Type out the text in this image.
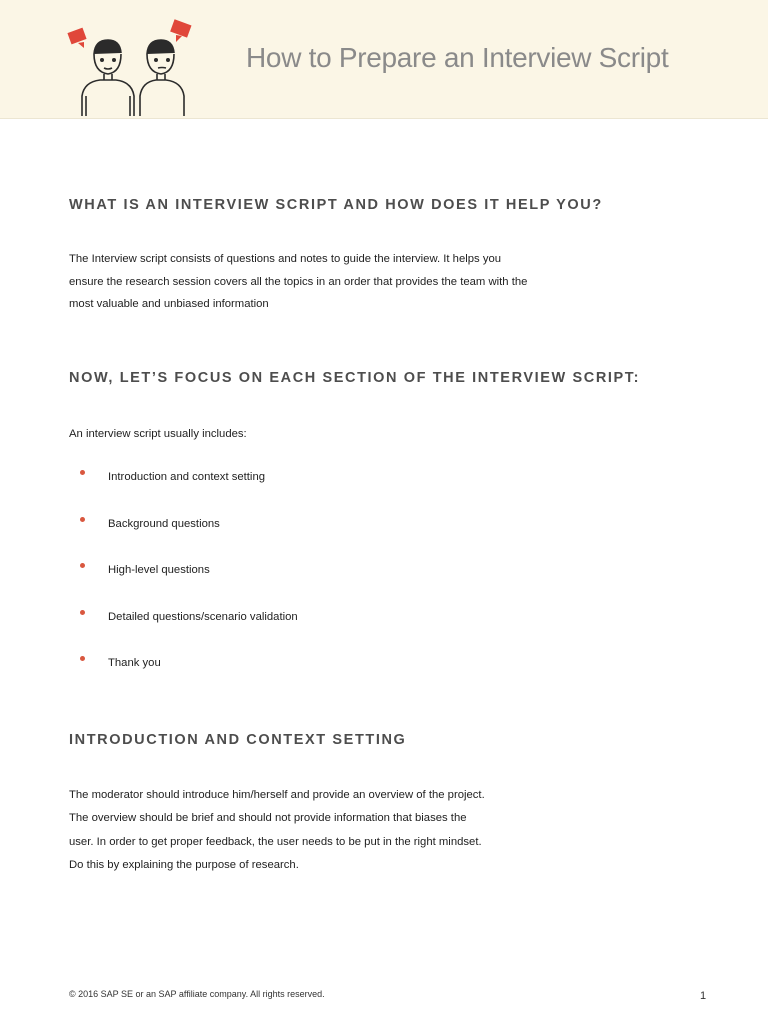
How to Prepare an Interview Script
WHAT IS AN INTERVIEW SCRIPT AND HOW DOES IT HELP YOU?
The Interview script consists of questions and notes to guide the interview. It helps you
ensure the research session covers all the topics in an order that provides the team with the
most valuable and unbiased information
NOW, LET’S FOCUS ON EACH SECTION OF THE INTERVIEW SCRIPT:
An interview script usually includes:
Introduction and context setting
Background questions
High-level questions
Detailed questions/scenario validation
Thank you
INTRODUCTION AND CONTEXT SETTING
The moderator should introduce him/herself and provide an overview of the project.
The overview should be brief and should not provide information that biases the
user. In order to get proper feedback, the user needs to be put in the right mindset.
Do this by explaining the purpose of research.
© 2016 SAP SE or an SAP affiliate company. All rights reserved.	1
